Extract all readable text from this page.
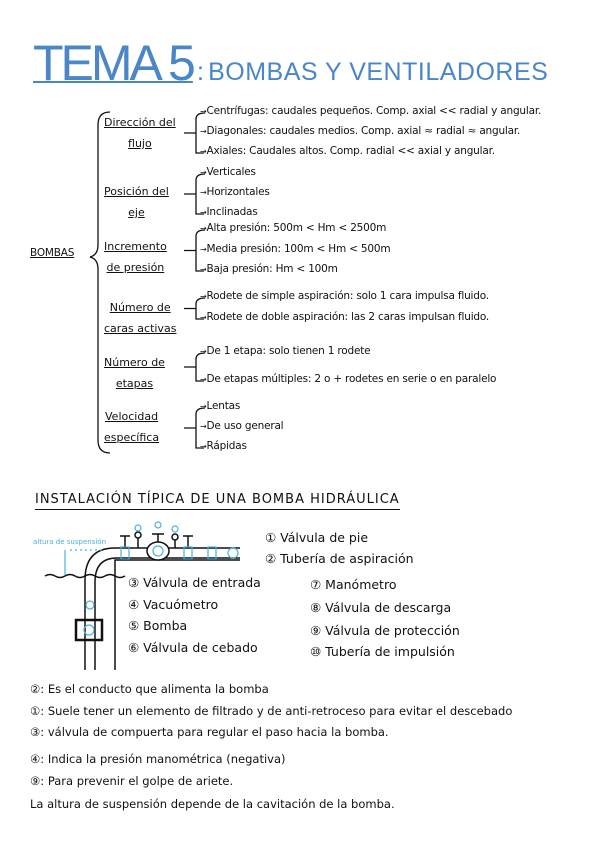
TEMA 5 : BOMBAS Y VENTILADORES
BOMBAS
Dirección del
flujo
→Centrífugas: caudales pequeños. Comp. axial << radial y angular.
→Diagonales: caudales medios. Comp. axial ≈ radial ≈ angular.
→Axiales: Caudales altos. Comp. radial << axial y angular.
Posición del
eje
→Verticales
→Horizontales
→Inclinadas
Incremento
de presión
→Alta presión: 500m < Hm < 2500m
→Media presión: 100m < Hm < 500m
→Baja presión: Hm < 100m
Número de
caras activas
→Rodete de simple aspiración: solo 1 cara impulsa fluido.
→Rodete de doble aspiración: las 2 caras impulsan fluido.
Número de
etapas
→De 1 etapa: solo tienen 1 rodete
→De etapas múltiples: 2 o + rodetes en serie o en paralelo
Velocidad
específica
→Lentas
→De uso general
→Rápidas
INSTALACIÓN TÍPICA DE UNA BOMBA HIDRÁULICA
altura de suspensión	① Válvula de pie
② Tubería de aspiración
③ Válvula de entrada
④ Vacuómetro
⑤ Bomba
⑥ Válvula de cebado
⑦ Manómetro
⑧ Válvula de descarga
⑨ Válvula de protección
⑩ Tubería de impulsión
②: Es el conducto que alimenta la bomba
①: Suele tener un elemento de filtrado y de anti-retroceso para evitar el descebado
③: válvula de compuerta para regular el paso hacia la bomba.
④: Indica la presión manométrica (negativa)
⑨: Para prevenir el golpe de ariete.
La altura de suspensión depende de la cavitación de la bomba.
